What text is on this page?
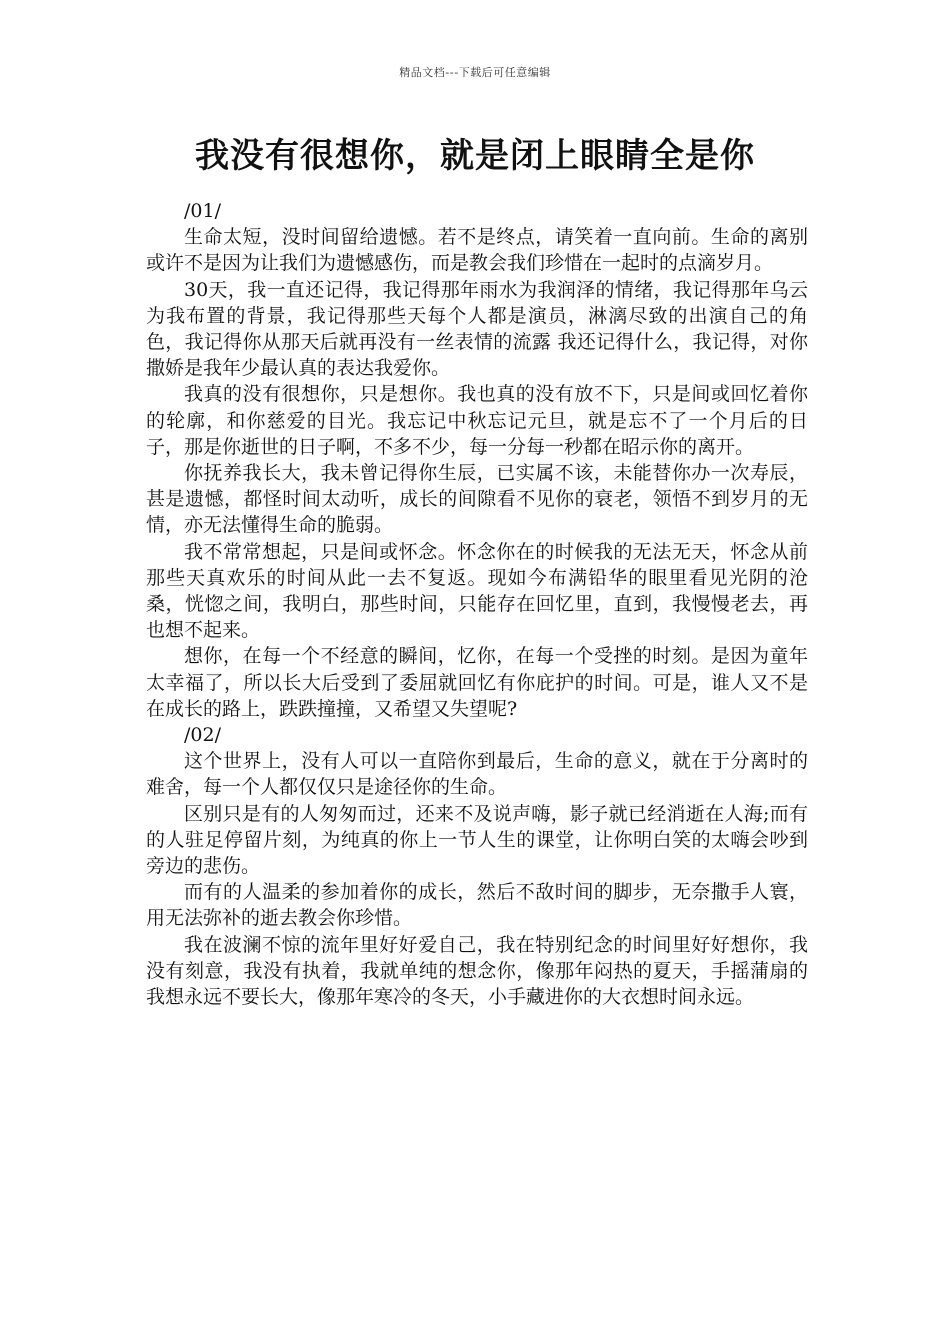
精品文档---下载后可任意编辑
我没有很想你，就是闭上眼睛全是你

/01/

生命太短，没时间留给遗憾。若不是终点，请笑着一直向前。生命的离别或许不是因为让我们为遗憾感伤，而是教会我们珍惜在一起时的点滴岁月。

30天，我一直还记得，我记得那年雨水为我润泽的情绪，我记得那年乌云为我布置的背景，我记得那些天每个人都是演员，淋漓尽致的出演自己的角色，我记得你从那天后就再没有一丝表情的流露 我还记得什么，我记得，对你撒娇是我年少最认真的表达我爱你。

我真的没有很想你，只是想你。我也真的没有放不下，只是间或回忆着你的轮廓，和你慈爱的目光。我忘记中秋忘记元旦，就是忘不了一个月后的日子，那是你逝世的日子啊，不多不少，每一分每一秒都在昭示你的离开。

你抚养我长大，我未曾记得你生辰，已实属不该，未能替你办一次寿辰，甚是遗憾，都怪时间太动听，成长的间隙看不见你的衰老，领悟不到岁月的无情，亦无法懂得生命的脆弱。

我不常常想起，只是间或怀念。怀念你在的时候我的无法无天，怀念从前那些天真欢乐的时间从此一去不复返。现如今布满铅华的眼里看见光阴的沧桑，恍惚之间，我明白，那些时间，只能存在回忆里，直到，我慢慢老去，再也想不起来。

想你，在每一个不经意的瞬间，忆你，在每一个受挫的时刻。是因为童年太幸福了，所以长大后受到了委屈就回忆有你庇护的时间。可是，谁人又不是在成长的路上，跌跌撞撞，又希望又失望呢?

/02/

这个世界上，没有人可以一直陪你到最后，生命的意义，就在于分离时的难舍，每一个人都仅仅只是途径你的生命。

区别只是有的人匆匆而过，还来不及说声嗨，影子就已经消逝在人海;而有的人驻足停留片刻，为纯真的你上一节人生的课堂，让你明白笑的太嗨会吵到旁边的悲伤。

而有的人温柔的参加着你的成长，然后不敌时间的脚步，无奈撒手人寰，用无法弥补的逝去教会你珍惜。

我在波澜不惊的流年里好好爱自己，我在特别纪念的时间里好好想你，我没有刻意，我没有执着，我就单纯的想念你，像那年闷热的夏天，手摇蒲扇的我想永远不要长大，像那年寒冷的冬天，小手藏进你的大衣想时间永远。
